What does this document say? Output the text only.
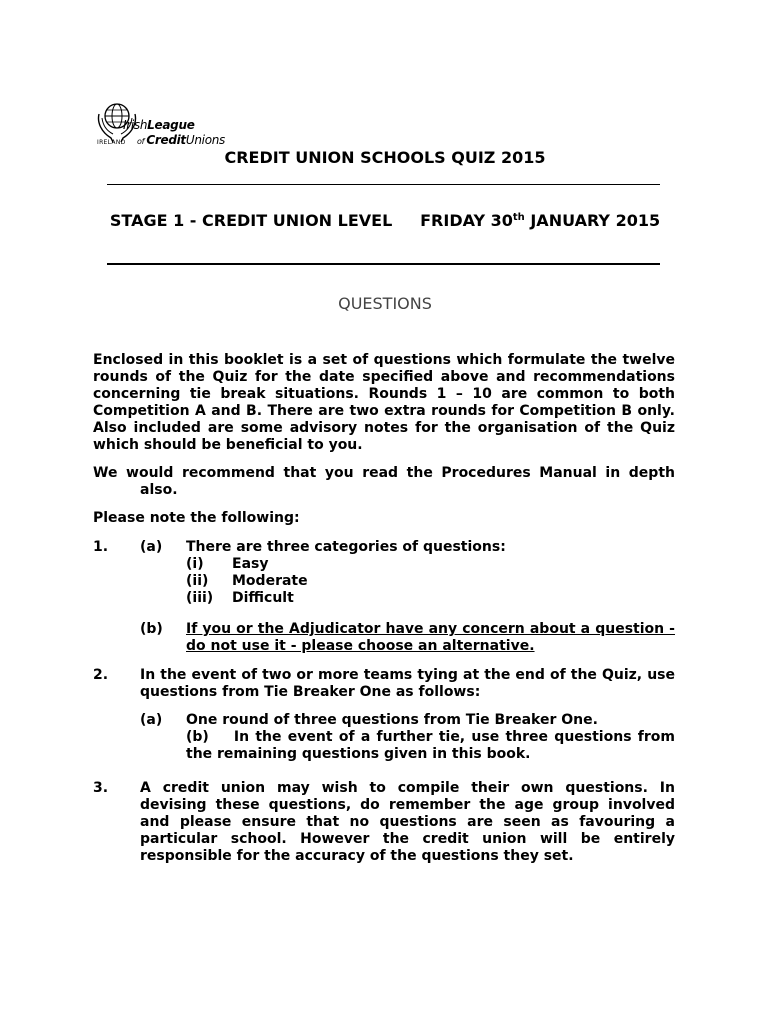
IRELAND
IrishLeague
of CreditUnions
CREDIT UNION SCHOOLS QUIZ 2015
STAGE 1 - CREDIT UNION LEVEL     FRIDAY 30th JANUARY 2015
QUESTIONS

Enclosed in this booklet is a set of questions which formulate the twelve rounds of the Quiz for the date specified above and recommendations concerning tie break situations. Rounds 1 – 10 are common to both Competition A and B. There are two extra rounds for Competition B only. Also included are some advisory notes for the organisation of the Quiz which should be beneficial to you.

We would recommend that you read the Procedures Manual in depth also.

Please note the following:

1.	(a)	There are three categories of questions:
(i)	Easy
(ii)	Moderate
(iii)	Difficult
(b)	If you or the Adjudicator have any concern about a question - do not use it - please choose an alternative.
2.	In the event of two or more teams tying at the end of the Quiz, use questions from Tie Breaker One as follows:
(a)	One round of three questions from Tie Breaker One.
(b)    In the event of a further tie, use three questions from the remaining questions given in this book.
3.	A credit union may wish to compile their own questions. In devising these questions, do remember the age group involved and please ensure that no questions are seen as favouring a particular school. However the credit union will be entirely responsible for the accuracy of the questions they set.
